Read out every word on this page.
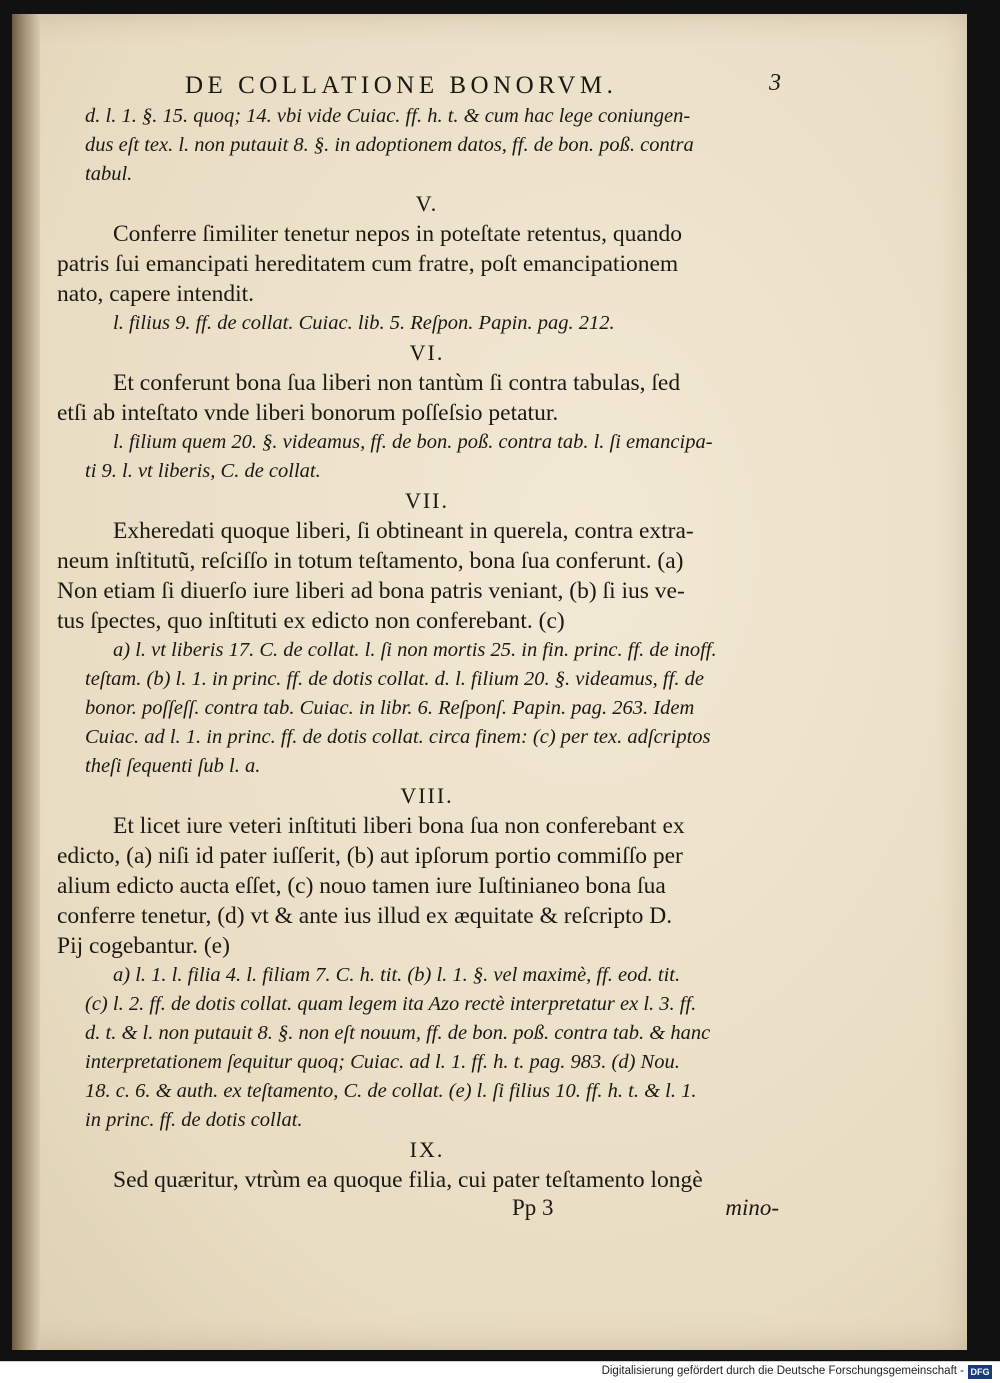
DE COLLATIONE BONORVM.	3
d. l. 1. §. 15. quoq; 14. vbi vide Cuiac. ff. h. t. & cum hac lege coniungen-
dus eſt tex. l. non putauit 8. §. in adoptionem datos, ff. de bon. poß. contra
tabul.

V.

Conferre ſimiliter tenetur nepos in poteſtate retentus, quando
patris ſui emancipati hereditatem cum fratre, poſt emancipationem
nato, capere intendit.
l. filius 9. ff. de collat. Cuiac. lib. 5. Reſpon. Papin. pag. 212.

VI.

Et conferunt bona ſua liberi non tantùm ſi contra tabulas, ſed
etſi ab inteſtato vnde liberi bonorum poſſeſsio petatur.
l. filium quem 20. §. videamus, ff. de bon. poß. contra tab. l. ſi emancipa-
ti 9. l. vt liberis, C. de collat.

VII.

Exheredati quoque liberi, ſi obtineant in querela, contra extra-
neum inſtitutũ, reſciſſo in totum teſtamento, bona ſua conferunt. (a)
Non etiam ſi diuerſo iure liberi ad bona patris veniant, (b) ſi ius ve-
tus ſpectes, quo inſtituti ex edicto non conferebant. (c)
a) l. vt liberis 17. C. de collat. l. ſi non mortis 25. in fin. princ. ff. de inoff.
teſtam. (b) l. 1. in princ. ff. de dotis collat. d. l. filium 20. §. videamus, ff. de
bonor. poſſeſſ. contra tab. Cuiac. in libr. 6. Reſponſ. Papin. pag. 263. Idem
Cuiac. ad l. 1. in princ. ff. de dotis collat. circa finem: (c) per tex. adſcriptos
theſi ſequenti ſub l. a.

VIII.

Et licet iure veteri inſtituti liberi bona ſua non conferebant ex
edicto, (a) niſi id pater iuſſerit, (b) aut ipſorum portio commiſſo per
alium edicto aucta eſſet, (c) nouo tamen iure Iuſtinianeo bona ſua
conferre tenetur, (d) vt & ante ius illud ex æquitate & reſcripto D.
Pij cogebantur. (e)
a) l. 1. l. filia 4. l. filiam 7. C. h. tit. (b) l. 1. §. vel maximè, ff. eod. tit.
(c) l. 2. ff. de dotis collat. quam legem ita Azo rectè interpretatur ex l. 3. ff.
d. t. & l. non putauit 8. §. non eſt nouum, ff. de bon. poß. contra tab. & hanc
interpretationem ſequitur quoq; Cuiac. ad l. 1. ff. h. t. pag. 983. (d) Nou.
18. c. 6. & auth. ex teſtamento, C. de collat. (e) l. ſi filius 10. ff. h. t. & l. 1.
in princ. ff. de dotis collat.

IX.

Sed quæritur, vtrùm ea quoque filia, cui pater teſtamento longè
Pp 3	mino-
Digitalisierung gefördert durch die Deutsche Forschungsgemeinschaft - DFG
